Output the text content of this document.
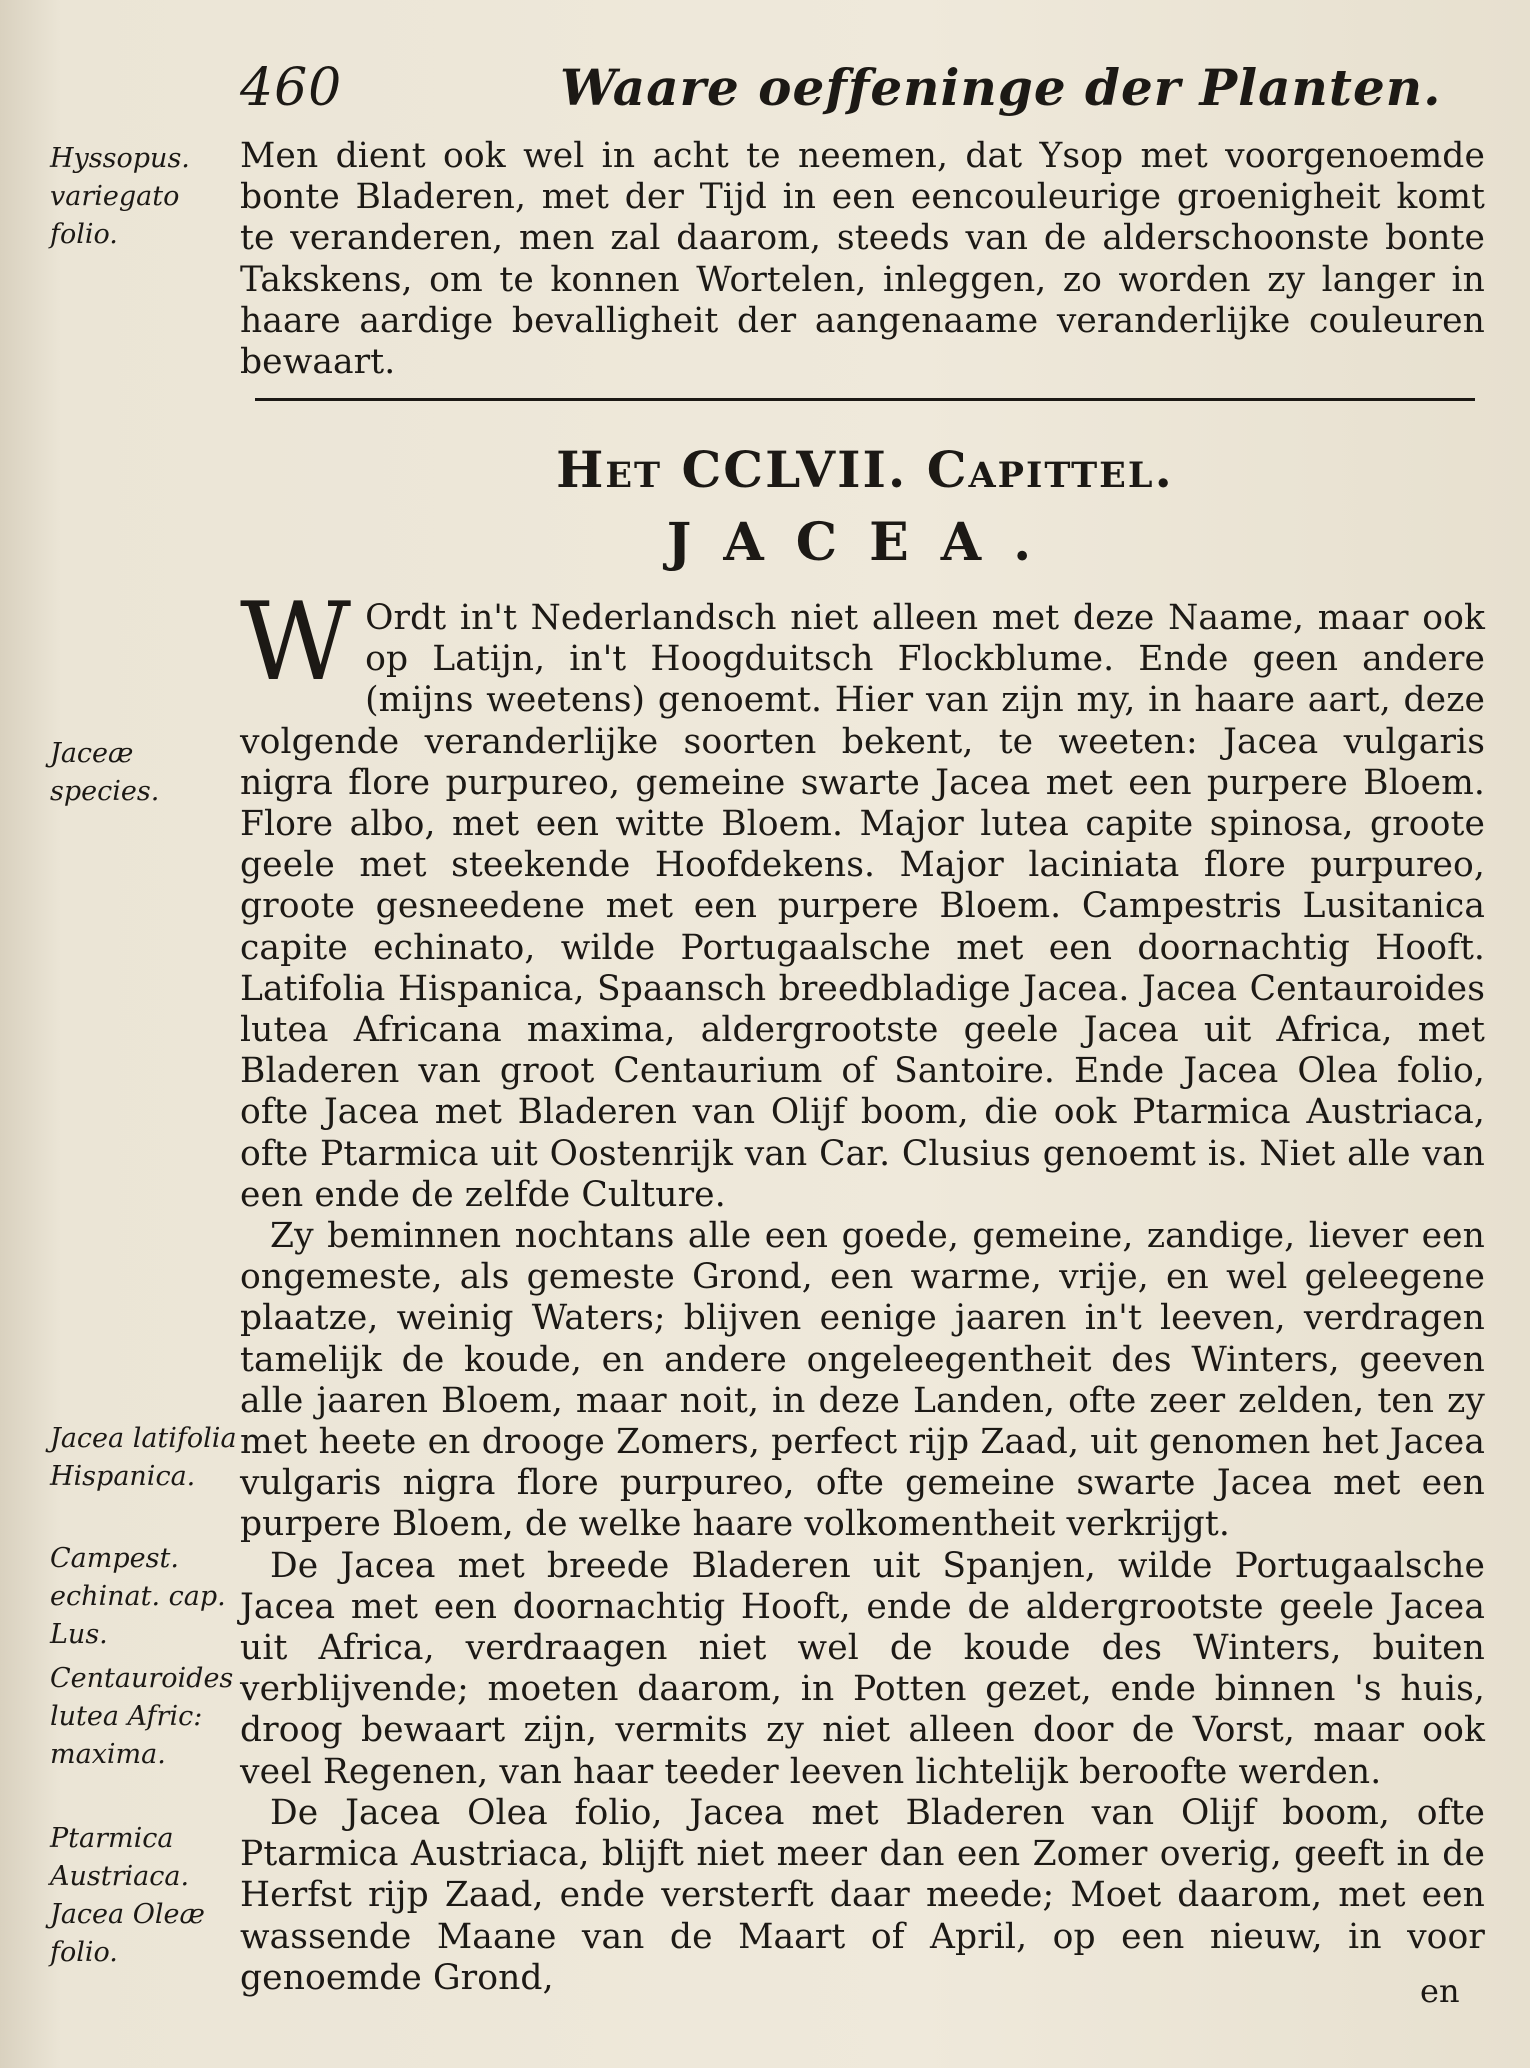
460	Waare oeffeninge der Planten.
Hyssopus. variegato folio.

Men dient ook wel in acht te neemen, dat Ysop met voorgenoemde bonte Bladeren, met der Tijd in een eencouleurige groenigheit komt te veranderen, men zal daarom, steeds van de alderschoonste bonte Takskens, om te konnen Wortelen, inleggen, zo worden zy langer in haare aardige bevalligheit der aangenaame veranderlijke couleuren bewaart.

Het CCLVII. Capittel.
JACEA.
Jaceæ species.
Jacea latifolia Hispanica.
Campest. echinat. cap. Lus.
Centauroides lutea Afric: maxima.
Ptarmica Austriaca.
Jacea Oleæ folio.

W Ordt in't Nederlandsch niet alleen met deze Naame, maar ook op Latijn, in't Hoogduitsch Flockblume. Ende geen andere (mijns weetens) genoemt. Hier van zijn my, in haare aart, deze volgende veranderlijke soorten bekent, te weeten: Jacea vulgaris nigra flore purpureo, gemeine swarte Jacea met een purpere Bloem. Flore albo, met een witte Bloem. Major lutea capite spinosa, groote geele met steekende Hoofdekens. Major laciniata flore purpureo, groote gesneedene met een purpere Bloem. Campestris Lusitanica capite echinato, wilde Portugaalsche met een doornachtig Hooft. Latifolia Hispanica, Spaansch breedbladige Jacea. Jacea Centauroides lutea Africana maxima, aldergrootste geele Jacea uit Africa, met Bladeren van groot Centaurium of Santoire. Ende Jacea Olea folio, ofte Jacea met Bladeren van Olijf boom, die ook Ptarmica Austriaca, ofte Ptarmica uit Oostenrijk van Car. Clusius genoemt is. Niet alle van een ende de zelfde Culture.

Zy beminnen nochtans alle een goede, gemeine, zandige, liever een ongemeste, als gemeste Grond, een warme, vrije, en wel geleegene plaatze, weinig Waters; blijven eenige jaaren in't leeven, verdragen tamelijk de koude, en andere ongeleegentheit des Winters, geeven alle jaaren Bloem, maar noit, in deze Landen, ofte zeer zelden, ten zy met heete en drooge Zomers, perfect rijp Zaad, uit genomen het Jacea vulgaris nigra flore purpureo, ofte gemeine swarte Jacea met een purpere Bloem, de welke haare volkomentheit verkrijgt.

De Jacea met breede Bladeren uit Spanjen, wilde Portugaalsche Jacea met een doornachtig Hooft, ende de aldergrootste geele Jacea uit Africa, verdraagen niet wel de koude des Winters, buiten verblijvende; moeten daarom, in Potten gezet, ende binnen 's huis, droog bewaart zijn, vermits zy niet alleen door de Vorst, maar ook veel Regenen, van haar teeder leeven lichtelijk beroofte werden.

De Jacea Olea folio, Jacea met Bladeren van Olijf boom, ofte Ptarmica Austriaca, blijft niet meer dan een Zomer overig, geeft in de Herfst rijp Zaad, ende versterft daar meede; Moet daarom, met een wassende Maane van de Maart of April, op een nieuw, in voor genoemde Grond,	en
